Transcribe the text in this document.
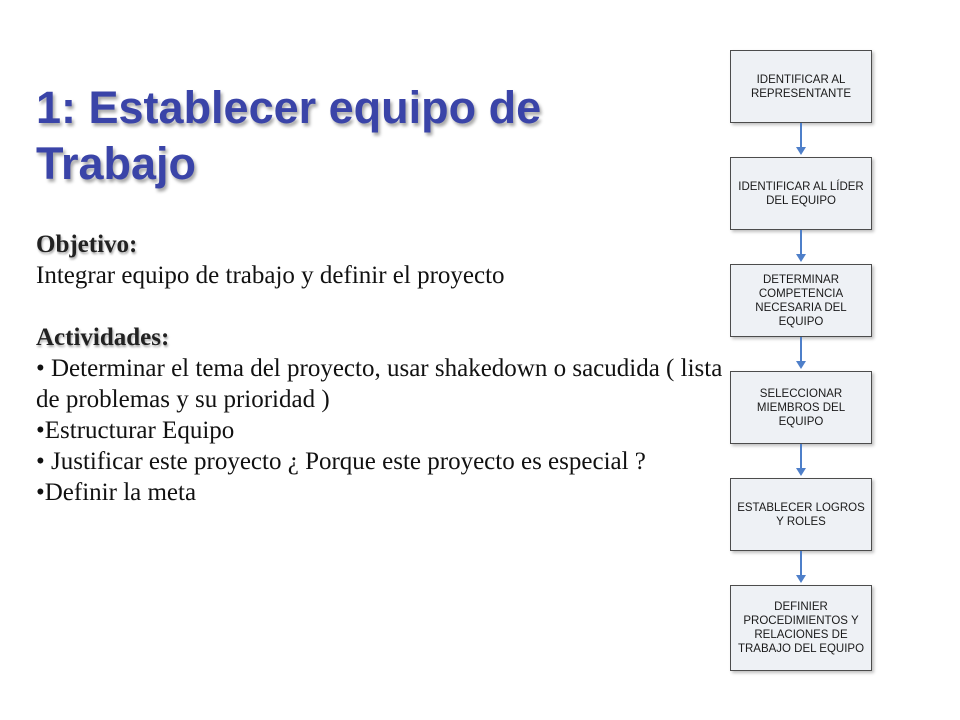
1: Establecer equipo de Trabajo
Objetivo:
Integrar equipo de trabajo y definir el proyecto
Actividades:
• Determinar el tema del proyecto, usar shakedown o sacudida ( lista de problemas y su prioridad )
•Estructurar Equipo
• Justificar este proyecto ¿ Porque este proyecto es especial ?
•Definir la meta
IDENTIFICAR AL REPRESENTANTE
IDENTIFICAR AL LÍDER DEL EQUIPO
DETERMINAR COMPETENCIA NECESARIA DEL EQUIPO
SELECCIONAR MIEMBROS DEL EQUIPO
ESTABLECER LOGROS Y ROLES
DEFINIER PROCEDIMIENTOS Y RELACIONES DE TRABAJO DEL EQUIPO
